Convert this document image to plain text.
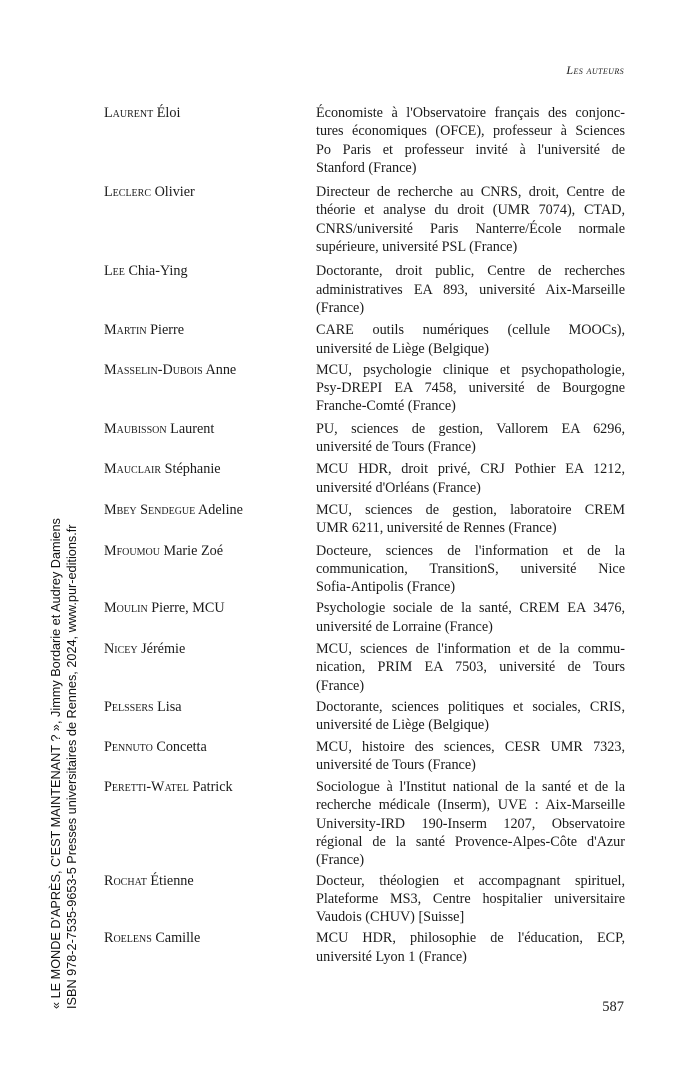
Les auteurs
Laurent Éloi	Économiste à l'Observatoire français des conjonc-
tures économiques (OFCE), professeur à Sciences
Po Paris et professeur invité à l'université de
Stanford (France)
Leclerc Olivier	Directeur de recherche au CNRS, droit, Centre de
théorie et analyse du droit (UMR 7074), CTAD,
CNRS/université Paris Nanterre/École normale
supérieure, université PSL (France)
Lee Chia-Ying	Doctorante, droit public, Centre de recherches
administratives EA 893, université Aix-Marseille
(France)
Martin Pierre	CARE outils numériques (cellule MOOCs),
université de Liège (Belgique)
Masselin-Dubois Anne	MCU, psychologie clinique et psychopathologie,
Psy-DREPI EA 7458, université de Bourgogne
Franche-Comté (France)
Maubisson Laurent	PU, sciences de gestion, Vallorem EA 6296,
université de Tours (France)
Mauclair Stéphanie	MCU HDR, droit privé, CRJ Pothier EA 1212,
université d'Orléans (France)
Mbey Sendegue Adeline	MCU, sciences de gestion, laboratoire CREM
UMR 6211, université de Rennes (France)
Mfoumou Marie Zoé	Docteure, sciences de l'information et de la
communication, TransitionS, université Nice
Sofia-Antipolis (France)
Moulin Pierre, MCU	Psychologie sociale de la santé, CREM EA 3476,
université de Lorraine (France)
Nicey Jérémie	MCU, sciences de l'information et de la commu-
nication, PRIM EA 7503, université de Tours
(France)
Pelssers Lisa	Doctorante, sciences politiques et sociales, CRIS,
université de Liège (Belgique)
Pennuto Concetta	MCU, histoire des sciences, CESR UMR 7323,
université de Tours (France)
Peretti-Watel Patrick	Sociologue à l'Institut national de la santé et de la
recherche médicale (Inserm), UVE : Aix-Marseille
University-IRD 190-Inserm 1207, Observatoire
régional de la santé Provence-Alpes-Côte d'Azur
(France)
Rochat Étienne	Docteur, théologien et accompagnant spirituel,
Plateforme MS3, Centre hospitalier universitaire
Vaudois (CHUV) [Suisse]
Roelens Camille	MCU HDR, philosophie de l'éducation, ECP,
université Lyon 1 (France)
587
« LE MONDE D'APRÈS, C'EST MAINTENANT ? », Jimmy Bordarie et Audrey Damiens ISBN 978-2-7535-9653-5 Presses universitaires de Rennes, 2024, www.pur-editions.fr
